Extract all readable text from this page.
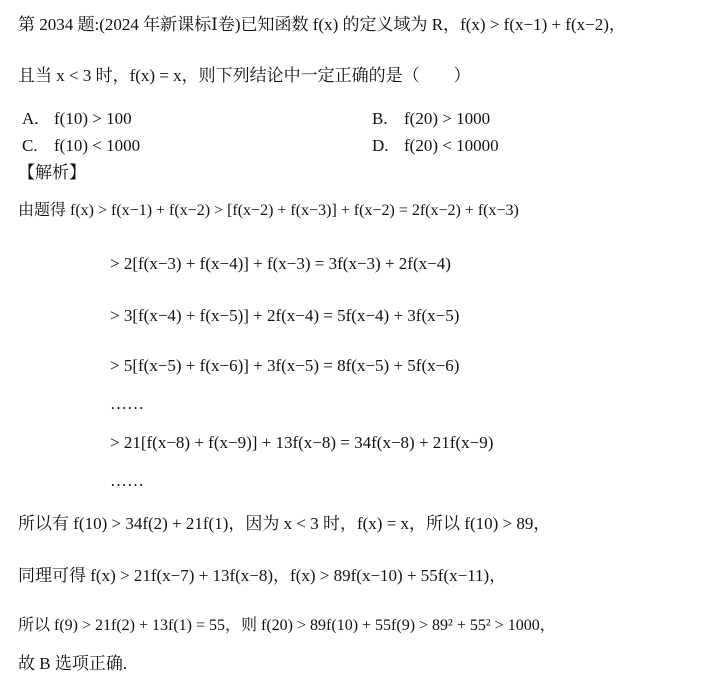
第 2034 题:(2024 年新课标Ⅰ卷)已知函数 f(x) 的定义域为 R，f(x) > f(x−1) + f(x−2)，
且当 x < 3 时，f(x) = x，则下列结论中一定正确的是（　　）
A. f(10) > 100	B. f(20) > 1000
C. f(10) < 1000	D. f(20) < 10000
【解析】
由题得 f(x) > f(x−1) + f(x−2) > [f(x−2) + f(x−3)] + f(x−2) = 2f(x−2) + f(x−3)
> 2[f(x−3) + f(x−4)] + f(x−3) = 3f(x−3) + 2f(x−4)
> 3[f(x−4) + f(x−5)] + 2f(x−4) = 5f(x−4) + 3f(x−5)
> 5[f(x−5) + f(x−6)] + 3f(x−5) = 8f(x−5) + 5f(x−6)
……
> 21[f(x−8) + f(x−9)] + 13f(x−8) = 34f(x−8) + 21f(x−9)
……
所以有 f(10) > 34f(2) + 21f(1)，因为 x < 3 时，f(x) = x，所以 f(10) > 89，
同理可得 f(x) > 21f(x−7) + 13f(x−8)，f(x) > 89f(x−10) + 55f(x−11)，
所以 f(9) > 21f(2) + 13f(1) = 55，则 f(20) > 89f(10) + 55f(9) > 89² + 55² > 1000，
故 B 选项正确.
